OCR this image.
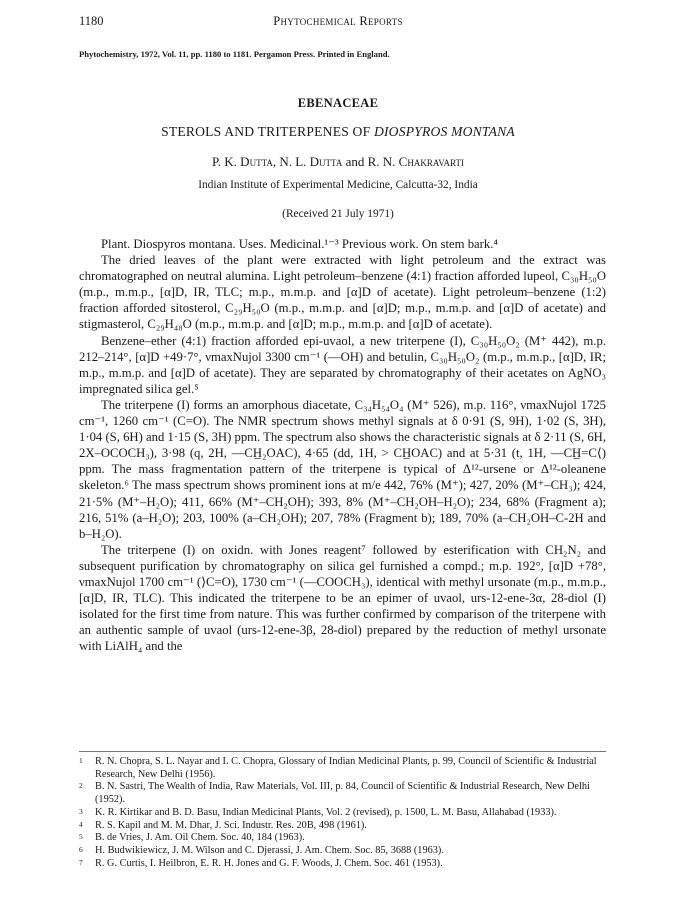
1180	Phytochemical Reports
Phytochemistry, 1972, Vol. 11, pp. 1180 to 1181. Pergamon Press. Printed in England.
EBENACEAE
STEROLS AND TRITERPENES OF DIOSPYROS MONTANA
P. K. Dutta, N. L. Dutta and R. N. Chakravarti
Indian Institute of Experimental Medicine, Calcutta-32, India
(Received 21 July 1971)

Plant. Diospyros montana. Uses. Medicinal.¹⁻³ Previous work. On stem bark.⁴

The dried leaves of the plant were extracted with light petroleum and the extract was chromatographed on neutral alumina. Light petroleum–benzene (4:1) fraction afforded lupeol, C₃₀H₅₀O (m.p., m.m.p., [α]D, IR, TLC; m.p., m.m.p. and [α]D of acetate). Light petroleum–benzene (1:2) fraction afforded sitosterol, C₂₉H₅₀O (m.p., m.m.p. and [α]D; m.p., m.m.p. and [α]D of acetate) and stigmasterol, C₂₉H₄₈O (m.p., m.m.p. and [α]D; m.p., m.m.p. and [α]D of acetate).

Benzene–ether (4:1) fraction afforded epi-uvaol, a new triterpene (I), C₃₀H₅₀O₂ (M⁺ 442), m.p. 212–214°, [α]D +49·7°, νmaxNujol 3300 cm⁻¹ (—OH) and betulin, C₃₀H₅₀O₂ (m.p., m.m.p., [α]D, IR; m.p., m.m.p. and [α]D of acetate). They are separated by chromatography of their acetates on AgNO₃ impregnated silica gel.⁵

The triterpene (I) forms an amorphous diacetate, C₃₄H₅₄O₄ (M⁺ 526), m.p. 116°, νmaxNujol 1725 cm⁻¹, 1260 cm⁻¹ (C=O). The NMR spectrum shows methyl signals at δ 0·91 (S, 9H), 1·02 (S, 3H), 1·04 (S, 6H) and 1·15 (S, 3H) ppm. The spectrum also shows the characteristic signals at δ 2·11 (S, 6H, 2X–OCOCH₃), 3·98 (q, 2H, —CH̲₂OAC), 4·65 (dd, 1H, > CH̲OAC) and at 5·31 (t, 1H, —CH̲=C⟨) ppm. The mass fragmentation pattern of the triterpene is typical of Δ¹²-ursene or Δ¹²-oleanene skeleton.⁶ The mass spectrum shows prominent ions at m/e 442, 76% (M⁺); 427, 20% (M⁺–CH₃); 424, 21·5% (M⁺–H₂O); 411, 66% (M⁺–CH₂OH); 393, 8% (M⁺–CH₂OH–H₂O); 234, 68% (Fragment a); 216, 51% (a–H₂O); 203, 100% (a–CH₂OH); 207, 78% (Fragment b); 189, 70% (a–CH₂OH–C-2H and b–H₂O).

The triterpene (I) on oxidn. with Jones reagent⁷ followed by esterification with CH₂N₂ and subsequent purification by chromatography on silica gel furnished a compd.; m.p. 192°, [α]D +78°, νmaxNujol 1700 cm⁻¹ (⟩C=O), 1730 cm⁻¹ (—COOCH₃), identical with methyl ursonate (m.p., m.m.p., [α]D, IR, TLC). This indicated the triterpene to be an epimer of uvaol, urs-12-ene-3α, 28-diol (I) isolated for the first time from nature. This was further confirmed by comparison of the triterpene with an authentic sample of uvaol (urs-12-ene-3β, 28-diol) prepared by the reduction of methyl ursonate with LiAlH₄ and the

1 R. N. Chopra, S. L. Nayar and I. C. Chopra, Glossary of Indian Medicinal Plants, p. 99, Council of Scientific & Industrial Research, New Delhi (1956).

2 B. N. Sastri, The Wealth of India, Raw Materials, Vol. III, p. 84, Council of Scientific & Industrial Research, New Delhi (1952).

3 K. R. Kirtikar and B. D. Basu, Indian Medicinal Plants, Vol. 2 (revised), p. 1500, L. M. Basu, Allahabad (1933).

4 R. S. Kapil and M. M. Dhar, J. Sci. Industr. Res. 20B, 498 (1961).

5 B. de Vries, J. Am. Oil Chem. Soc. 40, 184 (1963).

6 H. Budwikiewicz, J. M. Wilson and C. Djerassi, J. Am. Chem. Soc. 85, 3688 (1963).

7 R. G. Curtis, I. Heilbron, E. R. H. Jones and G. F. Woods, J. Chem. Soc. 461 (1953).
